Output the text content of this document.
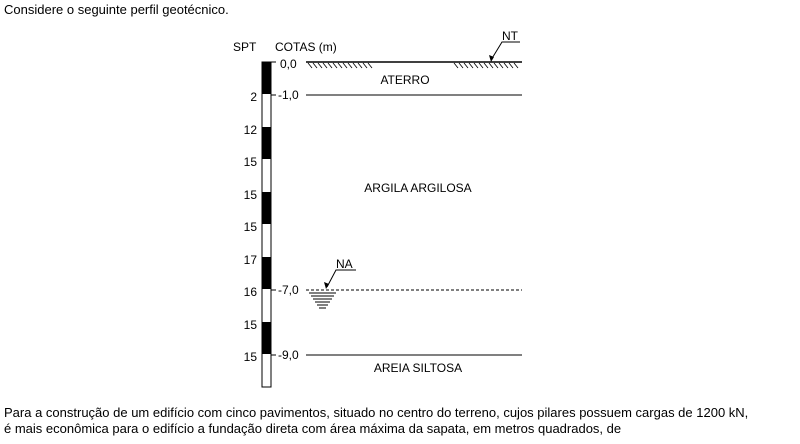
Considere o seguinte perfil geotécnico.
SPT COTAS (m)
2
12
15
15
15
17
16
15
15
0,0
-1,0
-7,0
-9,0
NT
ATERRO
ARGILA ARGILOSA
AREIA SILTOSA
NA
Para a construção de um edifício com cinco pavimentos, situado no centro do terreno, cujos pilares possuem cargas de 1200 kN,
é mais econômica para o edifício a fundação direta com área máxima da sapata, em metros quadrados, de
